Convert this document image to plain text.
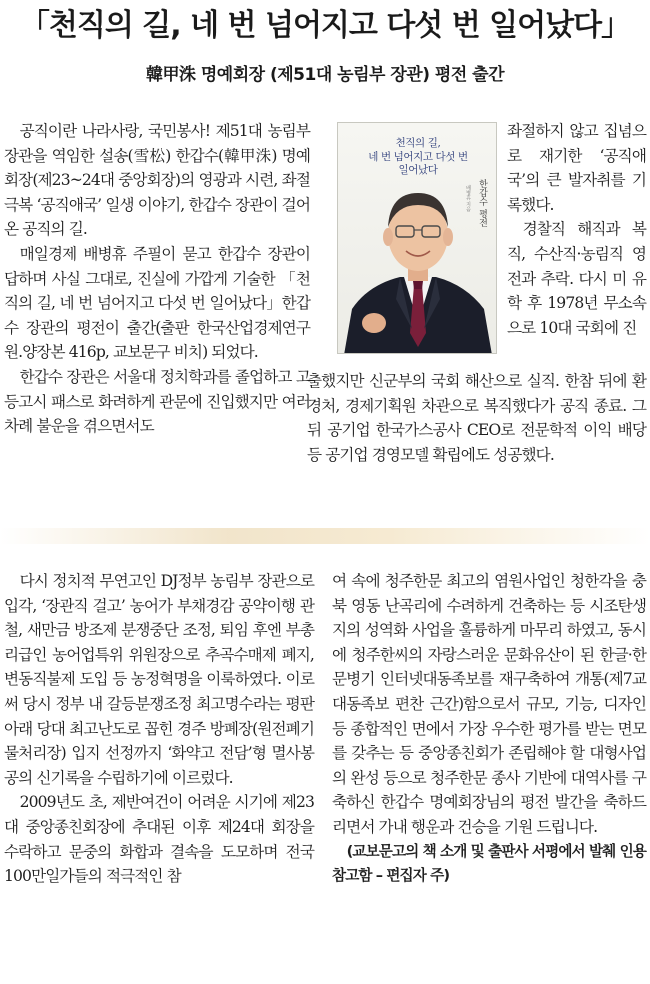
「천직의 길, 네 번 넘어지고 다섯 번 일어났다」
韓甲洙 명예회장 (제51대 농림부 장관) 평전 출간

공직이란 나라사랑, 국민봉사! 제51대 농림부장관을 역임한 설송(雪松) 한갑수(韓甲洙) 명예회장(제23~24대 중앙회장)의 영광과 시련, 좌절 극복 ‘공직애국’ 일생 이야기, 한갑수 장관이 걸어온 공직의 길.

매일경제 배병휴 주필이 묻고 한갑수 장관이 답하며 사실 그대로, 진실에 가깝게 기술한 「천직의 길, 네 번 넘어지고 다섯 번 일어났다」한갑수 장관의 평전이 출간(출판 한국산업경제연구원.양장본 416p, 교보문구 비치) 되었다.

한갑수 장관은 서울대 정치학과를 졸업하고 고등고시 패스로 화려하게 관문에 진입했지만 여러 차례 불운을 겪으면서도

천직의 길,
네 번 넘어지고 다섯 번
일어났다
한갑수 평전
배병휴 지음

좌절하지 않고 집념으로 재기한 ‘공직애국’의 큰 발자취를 기록했다.

경찰직 해직과 복직, 수산직·농림직 영전과 추락. 다시 미 유학 후 1978년 무소속으로 10대 국회에 진

출했지만 신군부의 국회 해산으로 실직. 한참 뒤에 환경처, 경제기획원 차관으로 복직했다가 공직 종료. 그 뒤 공기업 한국가스공사 CEO로 전문학적 이익 배당 등 공기업 경영모델 확립에도 성공했다.

다시 정치적 무연고인 DJ정부 농림부 장관으로 입각, ‘장관직 걸고’ 농어가 부채경감 공약이행 관철, 새만금 방조제 분쟁중단 조정, 퇴임 후엔 부총리급인 농어업특위 위원장으로 추곡수매제 폐지, 변동직불제 도입 등 농정혁명을 이룩하였다. 이로써 당시 정부 내 갈등분쟁조정 최고명수라는 평판 아래 당대 최고난도로 꼽힌 경주 방폐장(원전폐기물처리장) 입지 선정까지 ‘화약고 전담’형 멸사봉공의 신기록을 수립하기에 이르렀다.

2009년도 초, 제반여건이 어려운 시기에 제23대 중앙종친회장에 추대된 이후 제24대 회장을 수락하고 문중의 화합과 결속을 도모하며 전국 100만일가들의 적극적인 참

여 속에 청주한문 최고의 염원사업인 청한각을 충북 영동 난곡리에 수려하게 건축하는 등 시조탄생지의 성역화 사업을 훌륭하게 마무리 하였고, 동시에 청주한씨의 자랑스러운 문화유산이 된 한글·한문병기 인터넷대동족보를 재구축하여 개통(제7교 대동족보 편찬 근간)함으로서 규모, 기능, 디자인 등 종합적인 면에서 가장 우수한 평가를 받는 면모를 갖추는 등 중앙종친회가 존립해야 할 대형사업의 완성 등으로 청주한문 종사 기반에 대역사를 구축하신 한갑수 명예회장님의 평전 발간을 축하드리면서 가내 행운과 건승을 기원 드립니다.

(교보문고의 책 소개 및 출판사 서평에서 발췌 인용 참고함 – 편집자 주)
